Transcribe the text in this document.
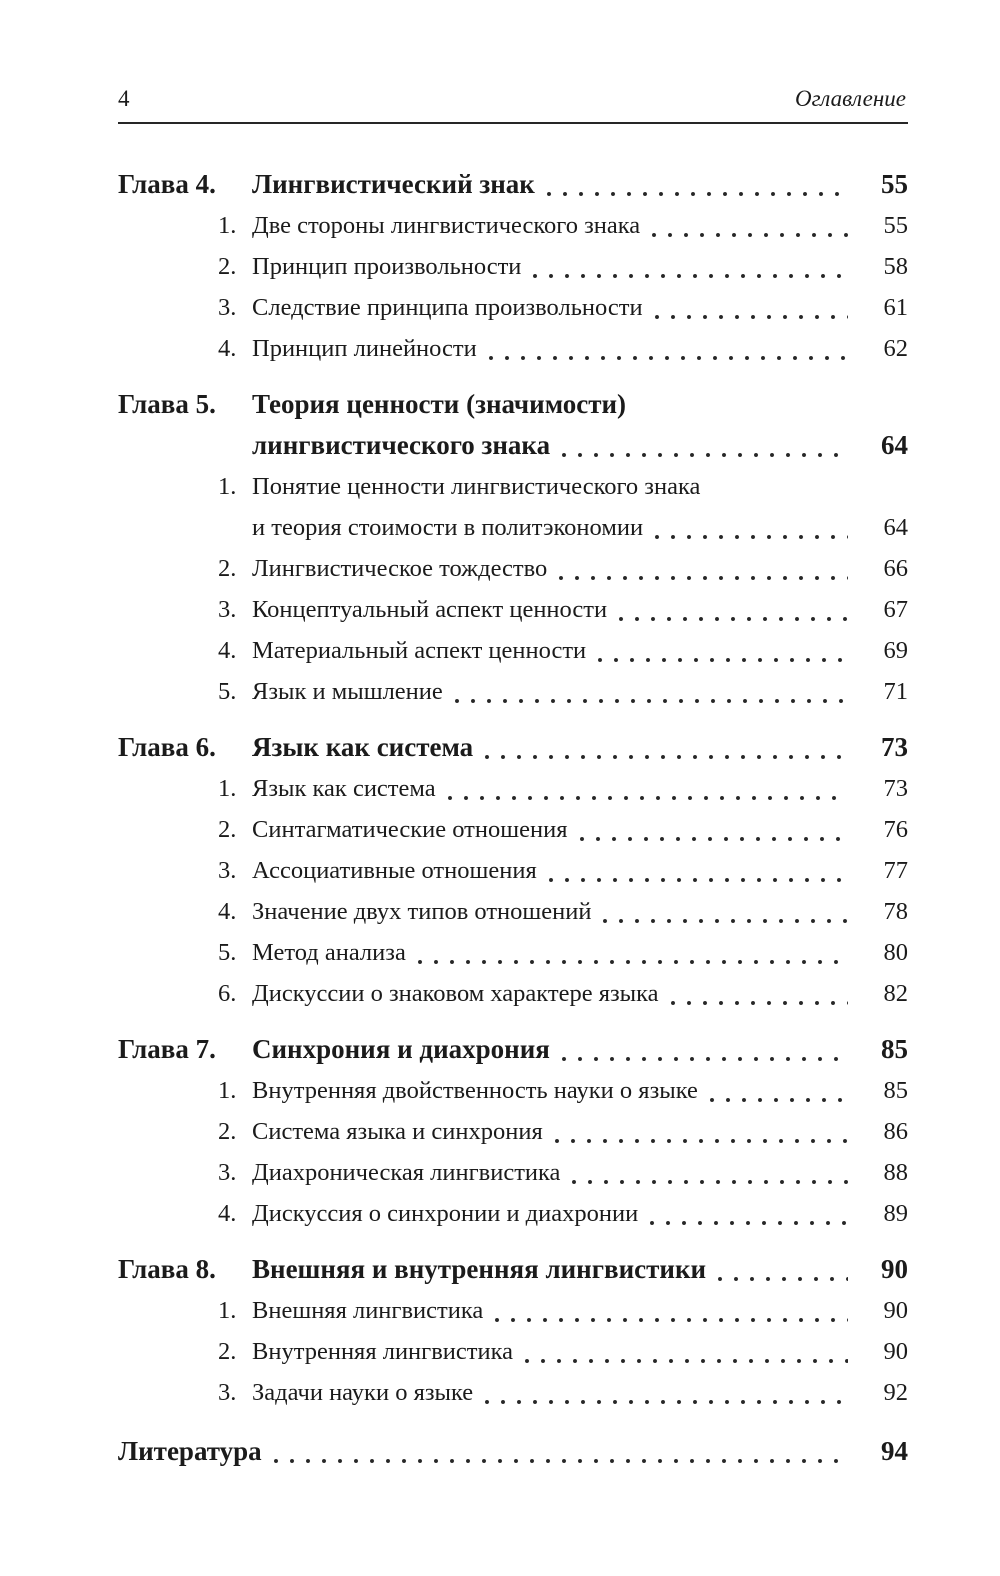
4	Оглавление
Глава 4.	Лингвистический знак	55
1. Две стороны лингвистического знака	55
2. Принцип произвольности	58
3. Следствие принципа произвольности	61
4. Принцип линейности	62
Глава 5.	Теория ценности (значимости)
лингвистического знака	64
1. Понятие ценности лингвистического знака
и теория стоимости в политэкономии	64
2. Лингвистическое тождество	66
3. Концептуальный аспект ценности	67
4. Материальный аспект ценности	69
5. Язык и мышление	71
Глава 6.	Язык как система	73
1. Язык как система	73
2. Синтагматические отношения	76
3. Ассоциативные отношения	77
4. Значение двух типов отношений	78
5. Метод анализа	80
6. Дискуссии о знаковом характере языка	82
Глава 7.	Синхрония и диахрония	85
1. Внутренняя двойственность науки о языке	85
2. Система языка и синхрония	86
3. Диахроническая лингвистика	88
4. Дискуссия о синхронии и диахронии	89
Глава 8.	Внешняя и внутренняя лингвистики	90
1. Внешняя лингвистика	90
2. Внутренняя лингвистика	90
3. Задачи науки о языке	92
Литература	94
